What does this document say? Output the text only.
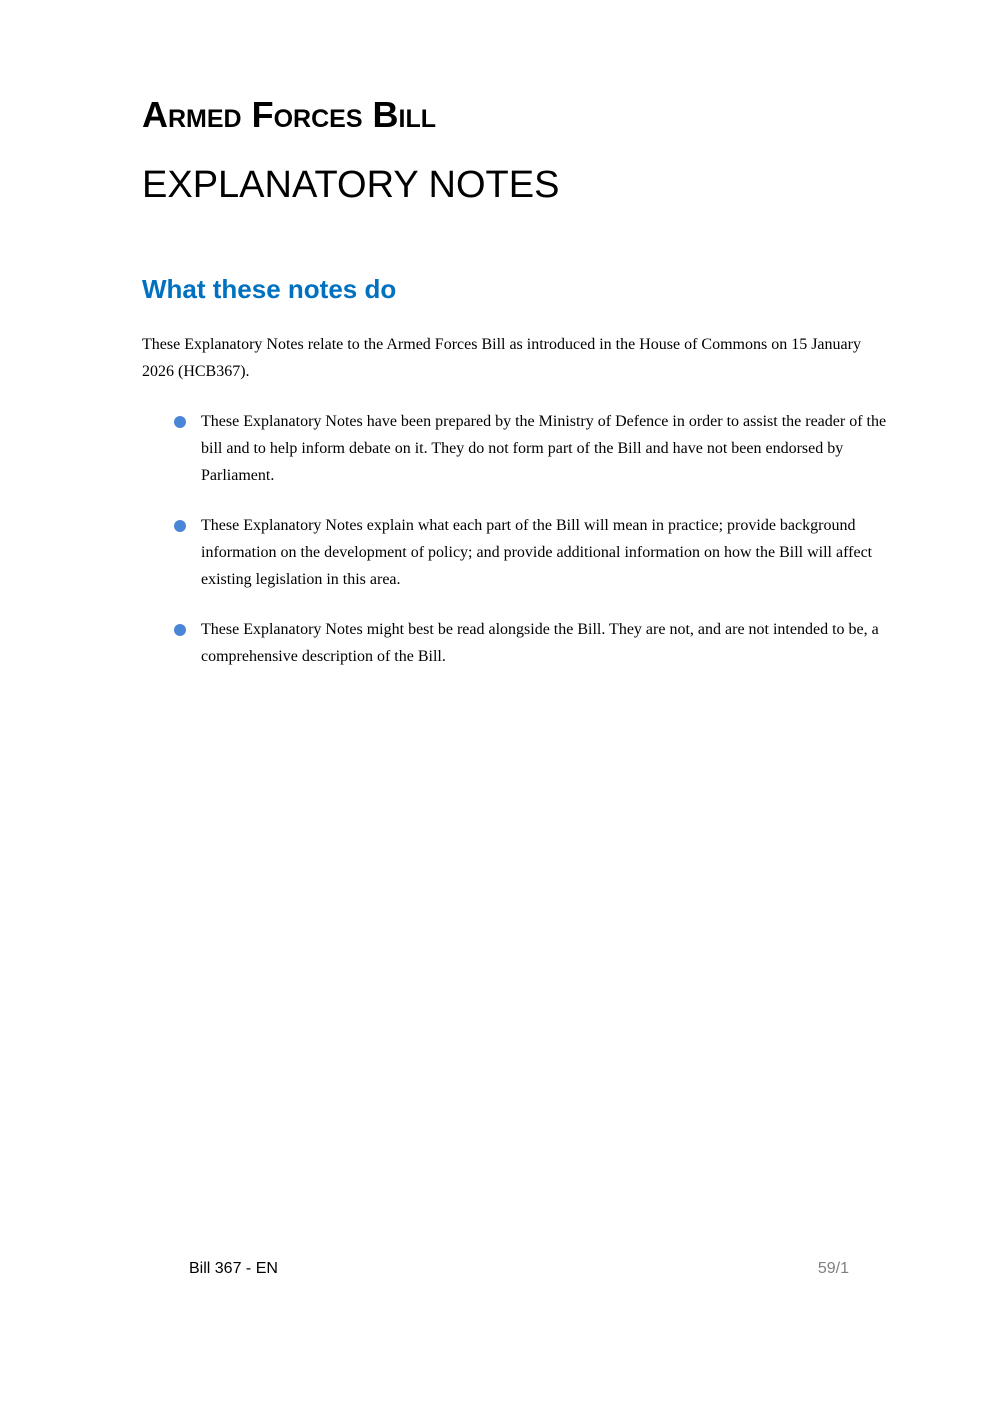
Armed Forces Bill
EXPLANATORY NOTES
What these notes do

These Explanatory Notes relate to the Armed Forces Bill as introduced in the House of Commons on 15 January 2026 (HCB367).

These Explanatory Notes have been prepared by the Ministry of Defence in order to assist the reader of the bill and to help inform debate on it. They do not form part of the Bill and have not been endorsed by Parliament.
These Explanatory Notes explain what each part of the Bill will mean in practice; provide background information on the development of policy; and provide additional information on how the Bill will affect existing legislation in this area.
These Explanatory Notes might best be read alongside the Bill. They are not, and are not intended to be, a comprehensive description of the Bill.
Bill 367 - EN	59/1
